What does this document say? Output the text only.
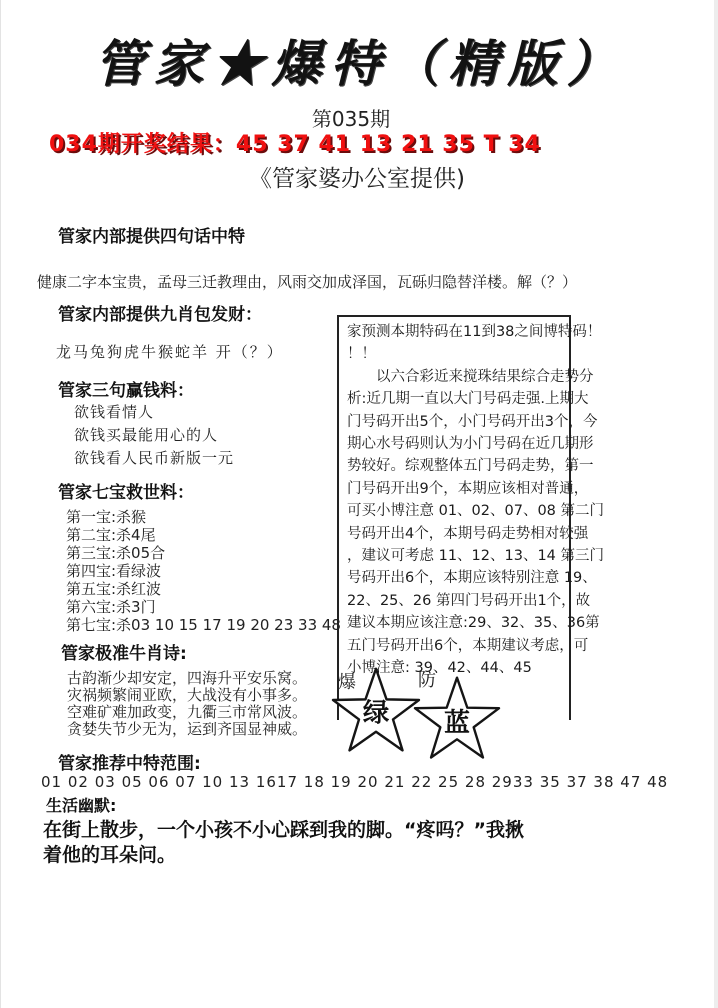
管家★爆特（精版）
第035期
034期开奖结果：45 37 41 13 21 35 T 34
《管家婆办公室提供)
管家内部提供四句话中特
健康二字本宝贵，孟母三迁教理由，风雨交加成泽国，瓦砾归隐替洋楼。解（？）
管家内部提供九肖包发财：
龙马兔狗虎牛猴蛇羊 开（？）
管家三句赢钱料：
欲钱看情人
欲钱买最能用心的人
欲钱看人民币新版一元
管家七宝救世料：
第一宝:杀猴
第二宝:杀4尾
第三宝:杀05合
第四宝:看绿波
第五宝:杀红波
第六宝:杀3门
第七宝:杀03 10 15 17 19 20 23 33 48
管家极准牛肖诗:
古韵渐少却安定，四海升平安乐窝。
灾祸频繁闹亚欧，大战没有小事多。
空难矿难加政变，九衢三市常风波。
贪婪失节少无为，运到齐国显神威。
管家推荐中特范围:
01 02 03 05 06 07 10 13 1617 18 19 20 21 22 25 28 2933 35 37 38 47 48
生活幽默:
在街上散步，一个小孩不小心踩到我的脚。“疼吗？”我揪
着他的耳朵问。
家预测本期特码在11到38之间博特码！
！！
　　以六合彩近来搅珠结果综合走势分
析:近几期一直以大门号码走强.上期大
门号码开出5个，小门号码开出3个，今
期心水号码则认为小门号码在近几期形
势较好。综观整体五门号码走势，第一
门号码开出9个，本期应该相对普通，
可买小博注意 01、02、07、08 第二门
号码开出4个，本期号码走势相对较强
，建议可考虑 11、12、13、14 第三门
号码开出6个，本期应该特别注意 19、
22、25、26 第四门号码开出1个，故
建议本期应该注意:29、32、35、36第
五门号码开出6个，本期建议考虑，可
小博注意: 39、42、44、45
爆
绿
防
蓝
